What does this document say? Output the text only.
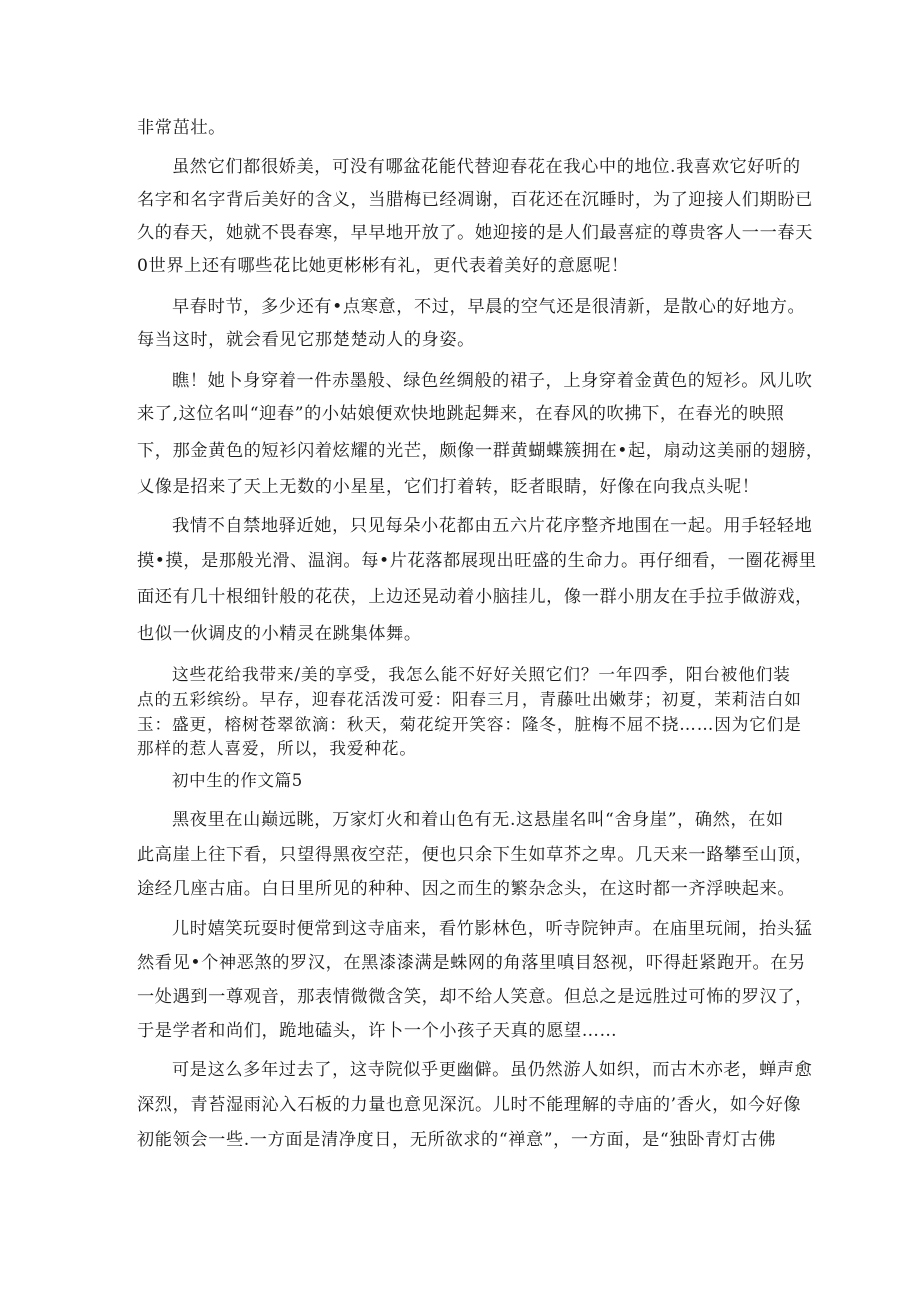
非常茁壮。
虽然它们都很娇美，可没有哪盆花能代替迎春花在我心中的地位.我喜欢它好听的
名字和名字背后美好的含义，当腊梅已经凋谢，百花还在沉睡时，为了迎接人们期盼已
久的春天，她就不畏春寒，早早地开放了。她迎接的是人们最喜症的尊贵客人一一春天
0世界上还有哪些花比她更彬彬有礼，更代表着美好的意愿呢！
早春时节，多少还有•点寒意，不过，早晨的空气还是很清新，是散心的好地方。
每当这时，就会看见它那楚楚动人的身姿。
瞧！她卜身穿着一件赤墨般、绿色丝绸般的裙子，上身穿着金黄色的短衫。风儿吹
来了,这位名叫“迎春”的小姑娘便欢快地跳起舞来，在春风的吹拂下，在春光的映照
下，那金黄色的短衫闪着炫耀的光芒，颇像一群黄蝴蝶簇拥在•起，扇动这美丽的翅膀，
乂像是招来了天上无数的小星星，它们打着转，眨者眼睛，好像在向我点头呢！
我情不自禁地驿近她，只见每朵小花都由五六片花序整齐地围在一起。用手轻轻地
摸•摸，是那般光滑、温润。每•片花落都展现出旺盛的生命力。再仔细看，一圈花褥里
面还有几十根细针般的花茯，上边还晃动着小脑挂儿，像一群小朋友在手拉手做游戏，
也似一伙调皮的小精灵在跳集体舞。
这些花给我带来/美的享受，我怎么能不好好关照它们？一年四季，阳台被他们装
点的五彩缤纷。早存，迎春花活泼可爱：阳春三月，青藤吐出嫩芽；初夏，茉莉洁白如
玉：盛更，榕树苍翠欲滴：秋天，菊花绽开笑容：隆冬，脏梅不屈不挠……因为它们是
那样的惹人喜爱，所以，我爱种花。
初中生的作文篇5
黑夜里在山巅远眺，万家灯火和着山色有无.这悬崖名叫“舍身崖”，确然，在如
此高崖上往下看，只望得黑夜空茫，便也只余下生如草芥之卑。几天来一路攀至山顶，
途经几座古庙。白日里所见的种种、因之而生的繁杂念头，在这时都一齐浮映起来。
儿时嬉笑玩耍时便常到这寺庙来，看竹影林色，听寺院钟声。在庙里玩闹，抬头猛
然看见•个神恶煞的罗汉，在黑漆漆满是蛛网的角落里嗔目怒视，吓得赶紧跑开。在另
一处遇到一尊观音，那表情微微含笑，却不给人笑意。但总之是远胜过可怖的罗汉了，
于是学者和尚们，跪地磕头，许卜一个小孩子天真的愿望……
可是这么多年过去了，这寺院似乎更幽僻。虽仍然游人如织，而古木亦老，蝉声愈
深烈，青苔湿雨沁入石板的力量也意见深沉。儿时不能理解的寺庙的’香火，如今好像
初能领会一些.一方面是清净度日，无所欲求的“禅意”，一方面，是“独卧青灯古佛
